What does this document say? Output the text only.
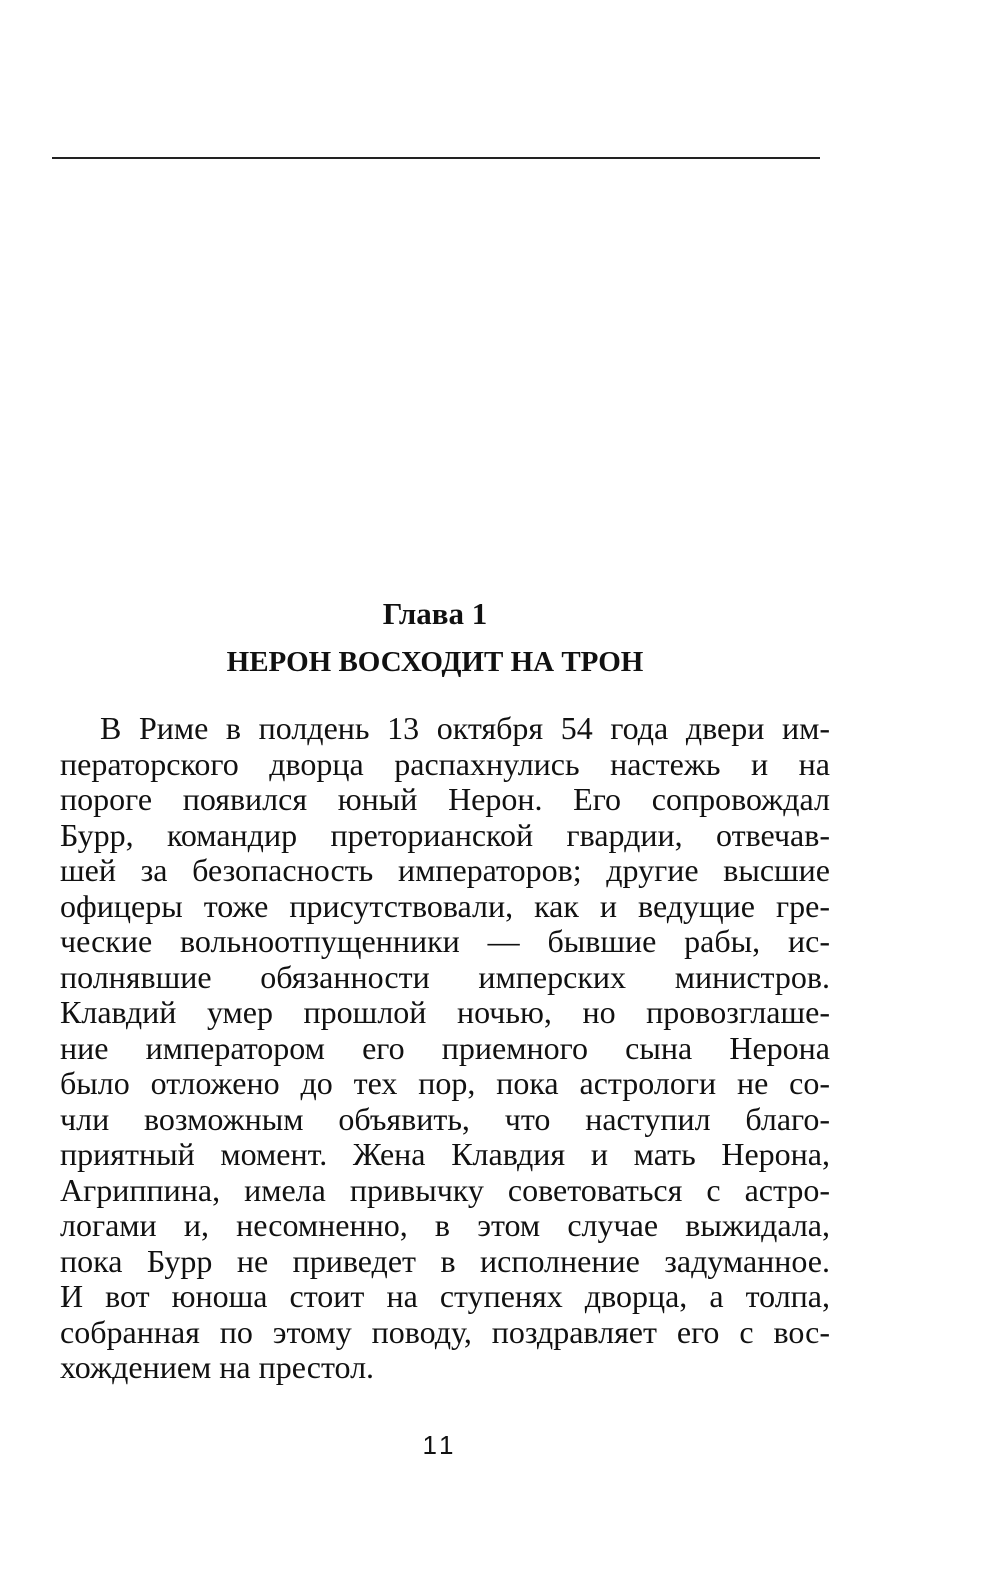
Глава 1
НЕРОН ВОСХОДИТ НА ТРОН
В Риме в полдень 13 октября 54 года двери им-
ператорского дворца распахнулись настежь и на
пороге появился юный Нерон. Его сопровождал
Бурр, командир преторианской гвардии, отвечав-
шей за безопасность императоров; другие высшие
офицеры тоже присутствовали, как и ведущие гре-
ческие вольноотпущенники — бывшие рабы, ис-
полнявшие обязанности имперских министров.
Клавдий умер прошлой ночью, но провозглаше-
ние императором его приемного сына Нерона
было отложено до тех пор, пока астрологи не со-
чли возможным объявить, что наступил благо-
приятный момент. Жена Клавдия и мать Нерона,
Агриппина, имела привычку советоваться с астро-
логами и, несомненно, в этом случае выжидала,
пока Бурр не приведет в исполнение задуманное.
И вот юноша стоит на ступенях дворца, а толпа,
собранная по этому поводу, поздравляет его с вос-
хождением на престол.
11
